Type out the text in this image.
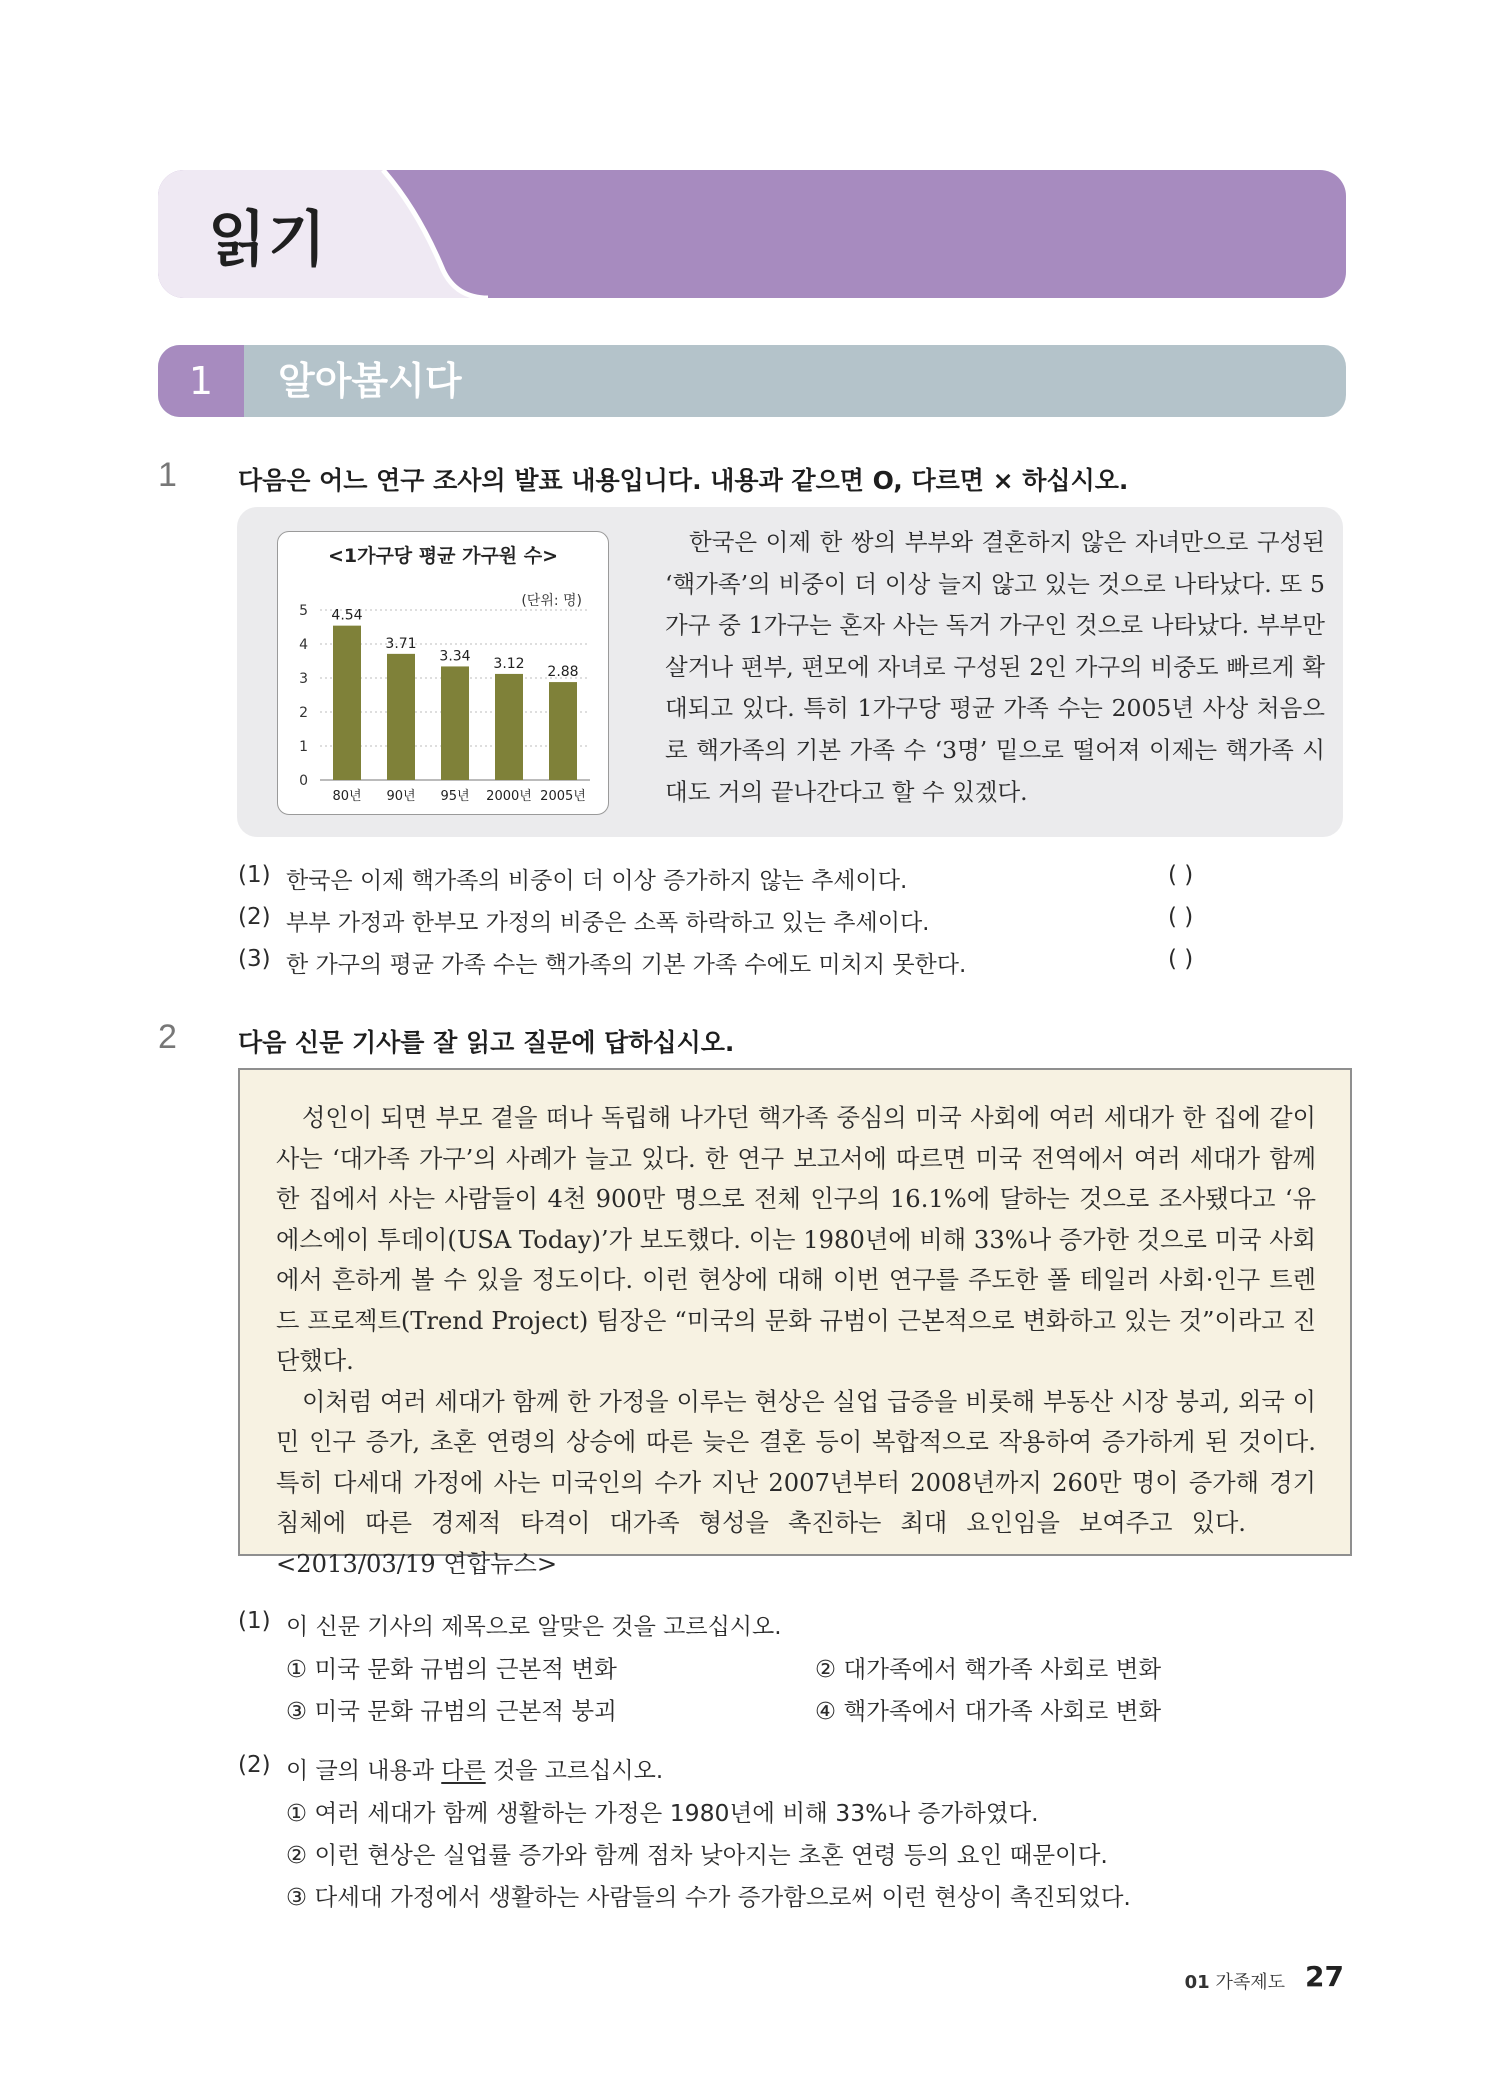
읽기
1	알아봅시다
1 다음은 어느 연구 조사의 발표 내용입니다. 내용과 같으면 O, 다르면 × 하십시오.
<1가구당 평균 가구원 수>
(단위: 명)
0
1
2
3
4
5 4.54
3.71
3.34 3.12
2.88
80년 90년 95년 2000년 2005년

한국은 이제 한 쌍의 부부와 결혼하지 않은 자녀만으로 구성된 ‘핵가족’의 비중이 더 이상 늘지 않고 있는 것으로 나타났다. 또 5가구 중 1가구는 혼자 사는 독거 가구인 것으로 나타났다. 부부만 살거나 편부, 편모에 자녀로 구성된 2인 가구의 비중도 빠르게 확대되고 있다. 특히 1가구당 평균 가족 수는 2005년 사상 처음으로 핵가족의 기본 가족 수 ‘3명’ 밑으로 떨어져 이제는 핵가족 시대도 거의 끝나간다고 할 수 있겠다.

(1) 한국은 이제 핵가족의 비중이 더 이상 증가하지 않는 추세이다.	( )
(2) 부부 가정과 한부모 가정의 비중은 소폭 하락하고 있는 추세이다.	( )
(3) 한 가구의 평균 가족 수는 핵가족의 기본 가족 수에도 미치지 못한다.	( )
2 다음 신문 기사를 잘 읽고 질문에 답하십시오.

성인이 되면 부모 곁을 떠나 독립해 나가던 핵가족 중심의 미국 사회에 여러 세대가 한 집에 같이 사는 ‘대가족 가구’의 사례가 늘고 있다. 한 연구 보고서에 따르면 미국 전역에서 여러 세대가 함께 한 집에서 사는 사람들이 4천 900만 명으로 전체 인구의 16.1%에 달하는 것으로 조사됐다고 ‘유에스에이 투데이(USA Today)’가 보도했다. 이는 1980년에 비해 33%나 증가한 것으로 미국 사회에서 흔하게 볼 수 있을 정도이다. 이런 현상에 대해 이번 연구를 주도한 폴 테일러 사회·인구 트렌드 프로젝트(Trend Project) 팀장은 “미국의 문화 규범이 근본적으로 변화하고 있는 것”이라고 진단했다.

이처럼 여러 세대가 함께 한 가정을 이루는 현상은 실업 급증을 비롯해 부동산 시장 붕괴, 외국 이민 인구 증가, 초혼 연령의 상승에 따른 늦은 결혼 등이 복합적으로 작용하여 증가하게 된 것이다. 특히 다세대 가정에 사는 미국인의 수가 지난 2007년부터 2008년까지 260만 명이 증가해 경기 침체에 따른 경제적 타격이 대가족 형성을 촉진하는 최대 요인임을 보여주고 있다.<2013/03/19 연합뉴스>

(1) 이 신문 기사의 제목으로 알맞은 것을 고르십시오.
① 미국 문화 규범의 근본적 변화	② 대가족에서 핵가족 사회로 변화
③ 미국 문화 규범의 근본적 붕괴	④ 핵가족에서 대가족 사회로 변화
(2) 이 글의 내용과 다른 것을 고르십시오.
① 여러 세대가 함께 생활하는 가정은 1980년에 비해 33%나 증가하였다.
② 이런 현상은 실업률 증가와 함께 점차 낮아지는 초혼 연령 등의 요인 때문이다.
③ 다세대 가정에서 생활하는 사람들의 수가 증가함으로써 이런 현상이 촉진되었다.
01 가족제도 27
